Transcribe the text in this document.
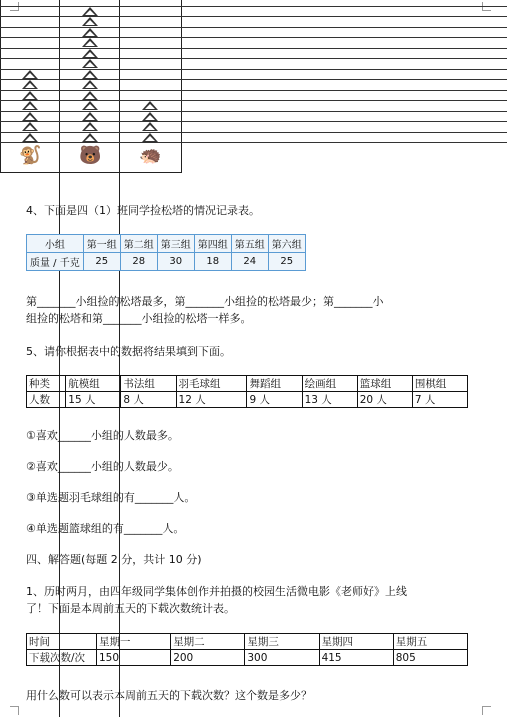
🐒 🐻 🦔
4、下面是四（1）班同学捡松塔的情况记录表。
小组	第一组	第二组	第三组	第四组	第五组	第六组
质量 / 千克	25	28	30	18	24	25
第_______小组捡的松塔最多，第_______小组捡的松塔最少；第_______小
组捡的松塔和第_______小组捡的松塔一样多。
5、请你根据表中的数据将结果填到下面。
种类	航模组	书法组	羽毛球组	舞蹈组	绘画组	篮球组	围棋组
人数	15 人	8 人	12 人	9 人	13 人	20 人	7 人
①喜欢______小组的人数最多。
②喜欢______小组的人数最少。
③单选题羽毛球组的有_______人。
④单选题篮球组的有_______人。
四、解答题(每题 2 分，共计 10 分)
1、历时两月，由四年级同学集体创作并拍摄的校园生活微电影《老师好》上线
了！下面是本周前五天的下载次数统计表。
时间	星期一	星期二	星期三	星期四	星期五
下载次数/次	150	200	300	415	805
用什么数可以表示本周前五天的下载次数？这个数是多少？
